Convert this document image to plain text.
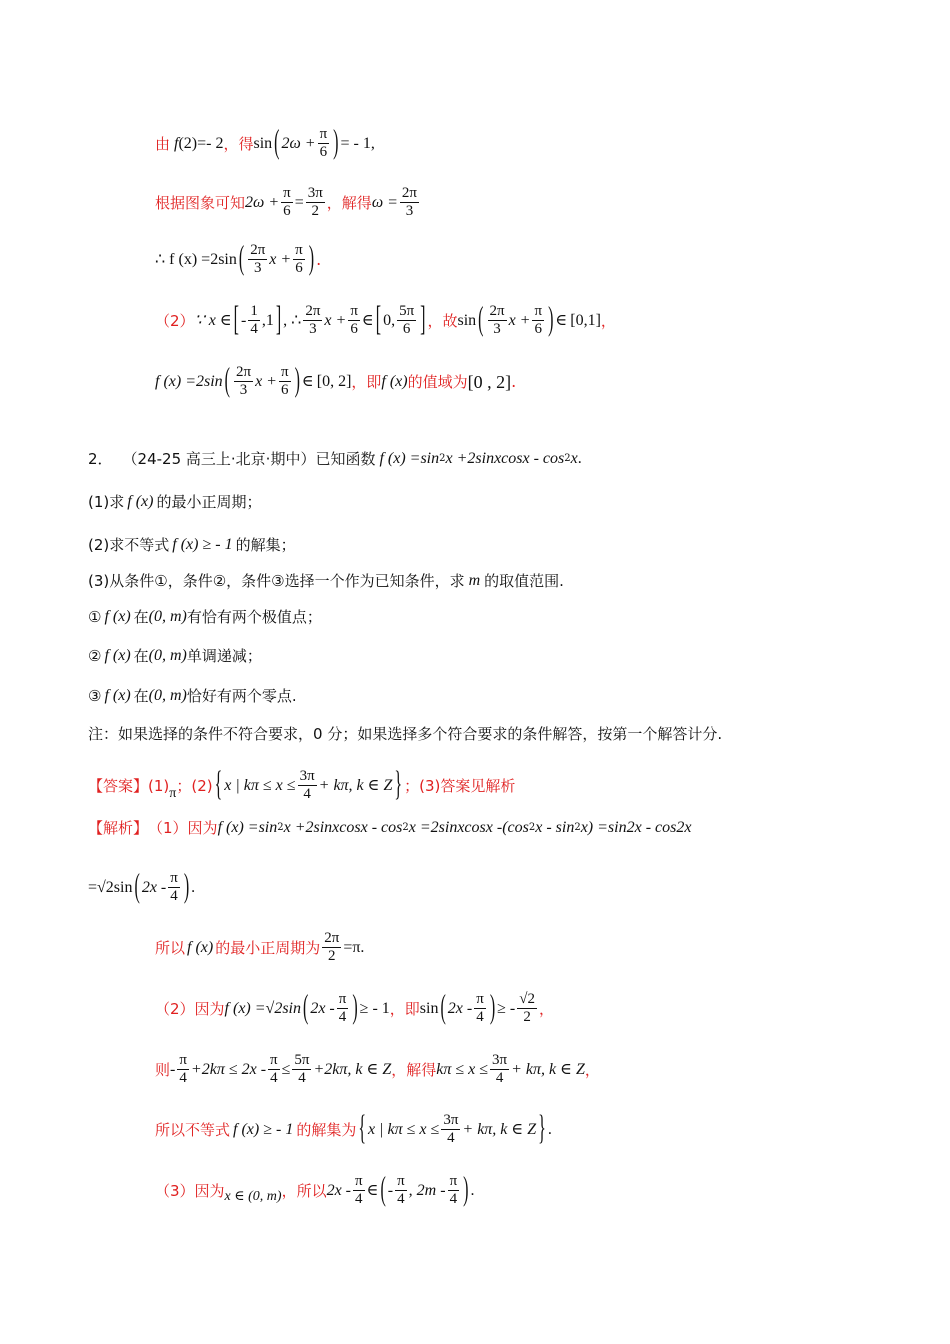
由 f (2)=- 2 ，得 sin ( $2\omega + \frac{\pi}{6}$ ) = - 1,
根据图象可知 $2\omega + \frac{\pi}{6} = \frac{3\pi}{2}$ ，解得 $\omega = \frac{2\pi}{3}$
∴ f (x) =2sin ( $\frac{2\pi}{3}$ $x + \frac{\pi}{6}$ ) .
（2） ∵ x ∈ [ - $\frac{1}{4} ,1$ ] , ∴ $\frac{2\pi}{3}$ $x + \frac{\pi}{6}$ ∈ [ 0, $\frac{5\pi}{6}$ ] ，故 sin ( $\frac{2\pi}{3}$ $x + \frac{\pi}{6}$ ) ∈ [ 0,1 ] ，
f (x) =2sin ( $\frac{2\pi}{3}$ $x + \frac{\pi}{6}$ ) ∈ [ 0, 2 ] ，即 f (x) 的值域为 [ 0 , 2 ] .
2． （24-25 高三上·北京·期中）已知函数 f (x) =sin 2 x +2sinxcosx - cos 2 x .
(1)求 f (x) 的最小正周期；
(2)求不等式 f (x) ≥ - 1 的解集；
(3)从条件①，条件②，条件③选择一个作为已知条件，求 m 的取值范围.
① f (x) 在 (0, m) 有恰有两个极值点；
② f (x) 在 (0, m) 单调递减；
③ f (x) 在 (0, m) 恰好有两个零点.
注：如果选择的条件不符合要求，0 分；如果选择多个符合要求的条件解答，按第一个解答计分.
【答案】 (1) π ；(2) { x | $k\pi \le x \le \frac{3\pi}{4} + k\pi$, k ∈ Z } ；(3)答案见解析
【解析】 （1）因为 f (x) =sin 2 x +2sinxcosx - cos 2 x =2sinxcosx - (cos 2 x - sin 2 x) =sin2x - cos2x
=√2sin ( $2x - \frac{\pi}{4}$ ) .
所以 f (x) 的最小正周期为 $\frac{2\pi}{2} =\pi$.
（2）因为 f (x) =√2sin ( $2x - \frac{\pi}{4}$ ) ≥ - 1 ，即 sin ( $2x - \frac{\pi}{4}$ ) ≥ - $\frac{√2}{2}$ ，
则 - $\frac{\pi}{4} +2k\pi \le 2x - \frac{\pi}{4} \le \frac{5\pi}{4} +2k\pi$, k ∈ Z ，解得 $k\pi \le x \le \frac{3\pi}{4} + k\pi$, k ∈ Z ，
所以不等式 f (x) ≥ - 1 的解集为 { x | $k\pi \le x \le \frac{3\pi}{4} + k\pi$, k ∈ Z } .
（3）因为 x ∈ (0, m) ，所以 $2x - \frac{\pi}{4}$ ∈ ( - $\frac{\pi}{4}$ , $2m - \frac{\pi}{4}$ ) .
